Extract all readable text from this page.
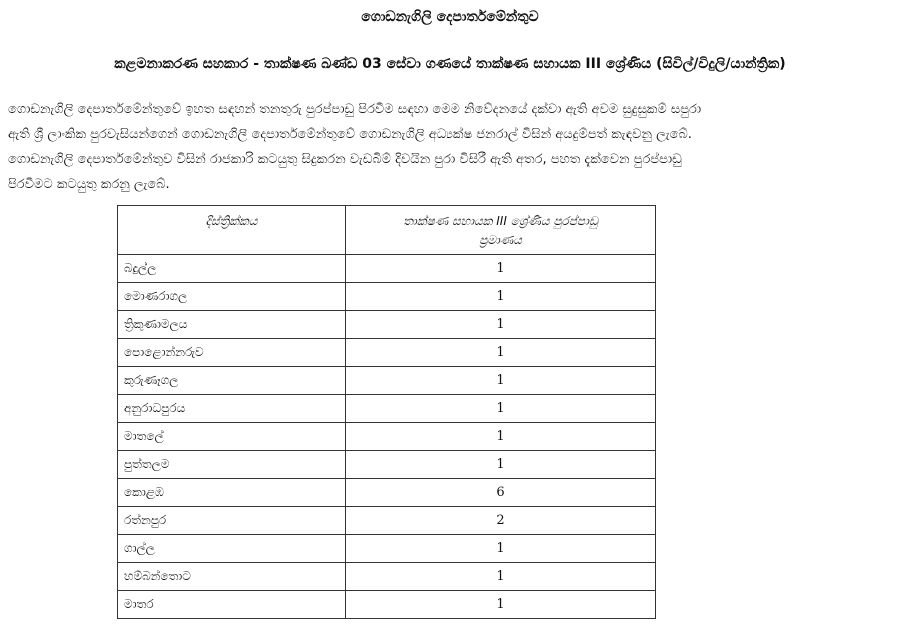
ගොඩනැගිලි දෙපාර්තමේන්තුව
කළමනාකරණ සහකාර - තාක්ෂණ ඛණ්ඩ 03 සේවා ගණයේ තාක්ෂණ සහායක III ශ්‍රේණිය (සිවිල්/විදුලි/යාන්ත්‍රික)
ගොඩනැගිලි දෙපාර්තමේන්තුවේ ඉහත සඳහන් තනතුරු පුරප්පාඩු පිරවීම සඳහා මෙම නිවේදනයේ දක්වා ඇති අවම සුදුසුකම් සපුරා
ඇති ශ්‍රී ලාංකික පුරවැසියන්ගෙන් ගොඩනැගිලි දෙපාර්තමේන්තුවේ ගොඩනැගිලි අධ්‍යක්ෂ ජනරාල් විසින් අයදුම්පත් කැඳවනු ලැබේ.
ගොඩනැගිලි දෙපාර්තමේන්තුව විසින් රාජකාරි කටයුතු සිදුකරන වැඩබිම් දිවයින පුරා විසිරී ඇති අතර, පහත දැක්වෙන පුරප්පාඩු
පිරවීමට කටයුතු කරනු ලැබේ.
දිස්ත්‍රික්කය	තාක්ෂණ සහායක III ශ්‍රේණිය පුරප්පාඩු
ප්‍රමාණය
බදුල්ල	1
මොණරාගල	1
ත්‍රිකුණාමලය	1
පොළොන්නරුව	1
කුරුණෑගල	1
අනුරාධපුරය	1
මාතලේ	1
පුත්තලම	1
කොළඹ	6
රත්නපුර	2
ගාල්ල	1
හම්බන්තොට	1
මාතර	1
